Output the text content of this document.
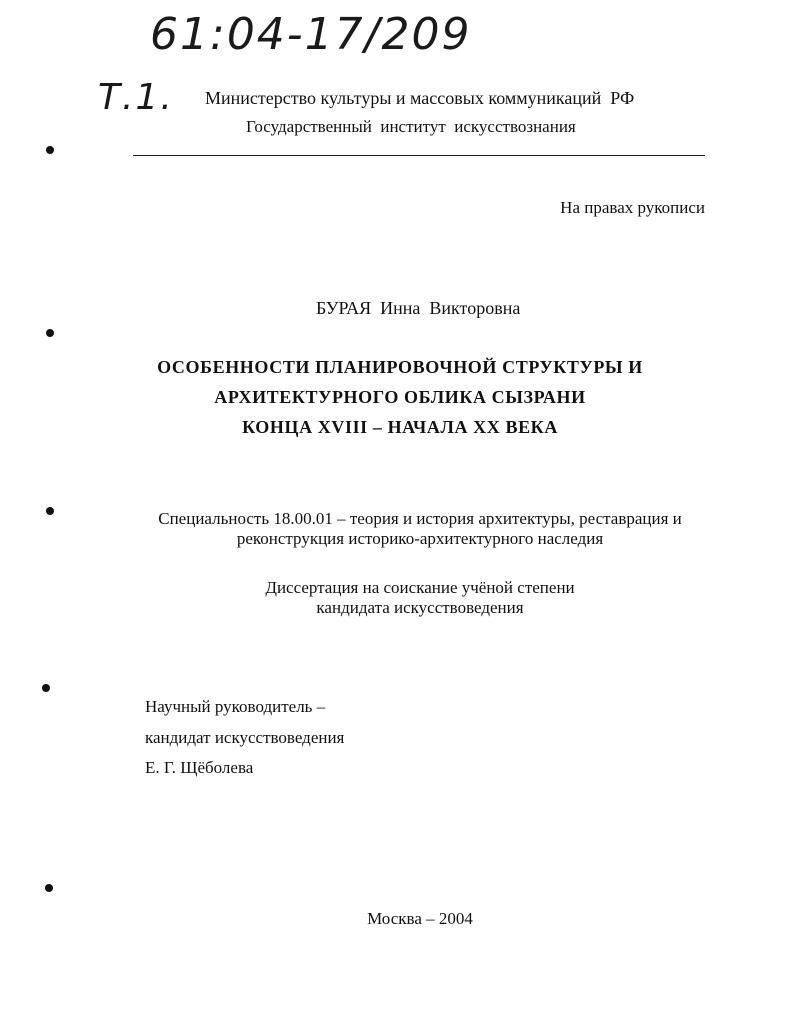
61:04-17/209
Т.1. Министерство культуры и массовых коммуникаций  РФ
Государственный  институт  искусствознания
На правах рукописи
БУРАЯ  Инна  Викторовна
ОСОБЕННОСТИ ПЛАНИРОВОЧНОЙ СТРУКТУРЫ И
АРХИТЕКТУРНОГО ОБЛИКА СЫЗРАНИ
КОНЦА XVIII – НАЧАЛА XX ВЕКА
Специальность 18.00.01 – теория и история архитектуры, реставрация и
реконструкция историко-архитектурного наследия
Диссертация на соискание учёной степени
кандидата искусствоведения
Научный руководитель –
кандидат искусствоведения
Е. Г. Щёболева
Москва – 2004
